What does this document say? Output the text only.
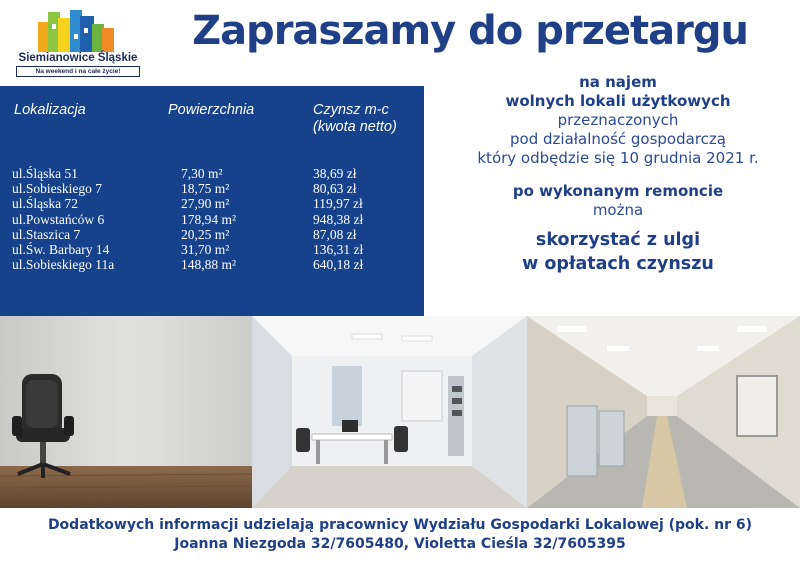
Siemianowice Śląskie
Na weekend i na całe życie!
Zapraszamy do przetargu
Lokalizacja	Powierzchnia	Czynsz m-c
(kwota netto)
ul.Śląska 51	7,30 m²	38,69 zł
ul.Sobieskiego 7	18,75 m²	80,63 zł
ul.Śląska 72	27,90 m²	119,97 zł
ul.Powstańców 6	178,94 m²	948,38 zł
ul.Staszica 7	20,25 m²	87,08 zł
ul.Św. Barbary 14	31,70 m²	136,31 zł
ul.Sobieskiego 11a	148,88 m²	640,18 zł
na najem
wolnych lokali użytkowych
przeznaczonych
pod działalność gospodarczą
który odbędzie się 10 grudnia 2021 r.
po wykonanym remoncie
można
skorzystać z ulgi
w opłatach czynszu
Dodatkowych informacji udzielają pracownicy Wydziału Gospodarki Lokalowej (pok. nr 6)
Joanna Niezgoda 32/7605480, Violetta Cieśla 32/7605395
